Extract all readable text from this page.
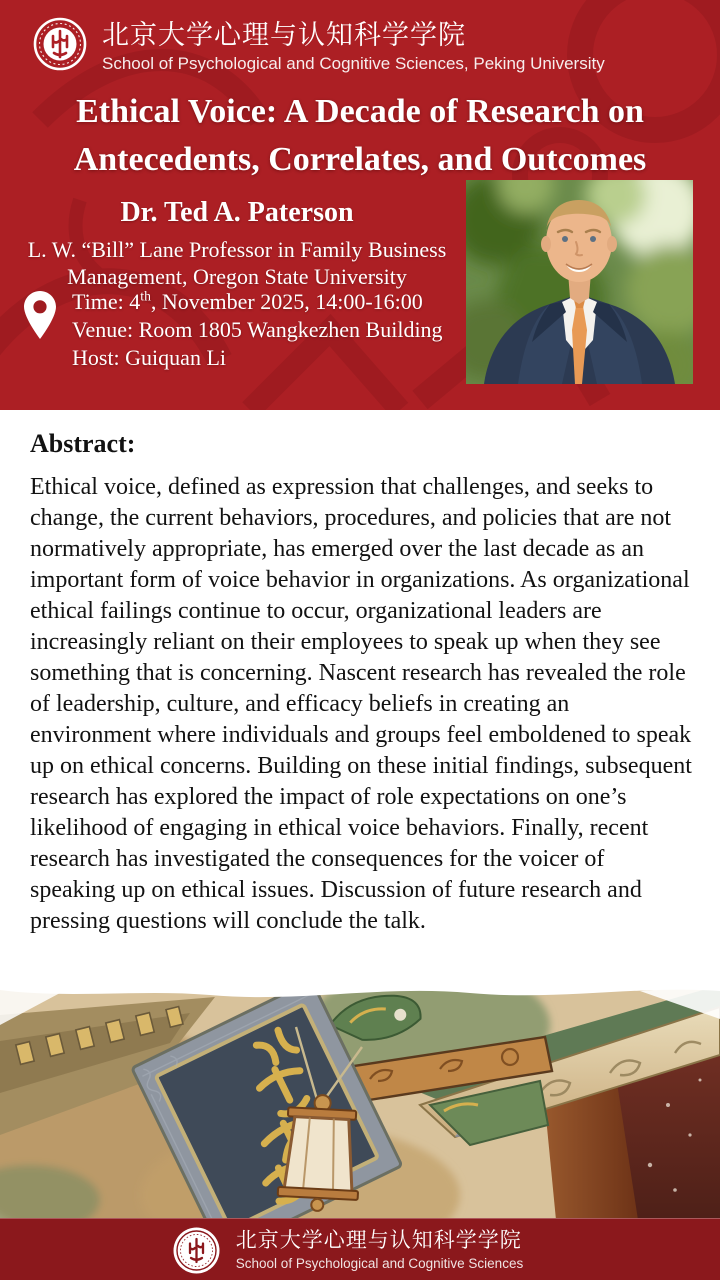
北京大学心理与认知科学学院
School of Psychological and Cognitive Sciences, Peking University
Ethical Voice: A Decade of Research on
Antecedents, Correlates, and Outcomes
Dr. Ted A. Paterson
L. W. “Bill” Lane Professor in Family Business
Management, Oregon State University
Time: 4th, November 2025, 14:00-16:00
Venue: Room 1805 Wangkezhen Building
Host: Guiquan Li
Abstract:
Ethical voice, defined as expression that challenges, and seeks to change, the current behaviors, procedures, and policies that are not normatively appropriate, has emerged over the last decade as an important form of voice behavior in organizations. As organizational ethical failings continue to occur, organizational leaders are increasingly reliant on their employees to speak up when they see something that is concerning. Nascent research has revealed the role of leadership, culture, and efficacy beliefs in creating an environment where individuals and groups feel emboldened to speak up on ethical concerns. Building on these initial findings, subsequent research has explored the impact of role expectations on one’s likelihood of engaging in ethical voice behaviors. Finally, recent research has investigated the consequences for the voicer of speaking up on ethical issues. Discussion of future research and pressing questions will conclude the talk.
北京大学心理与认知科学学院
School of Psychological and Cognitive Sciences
